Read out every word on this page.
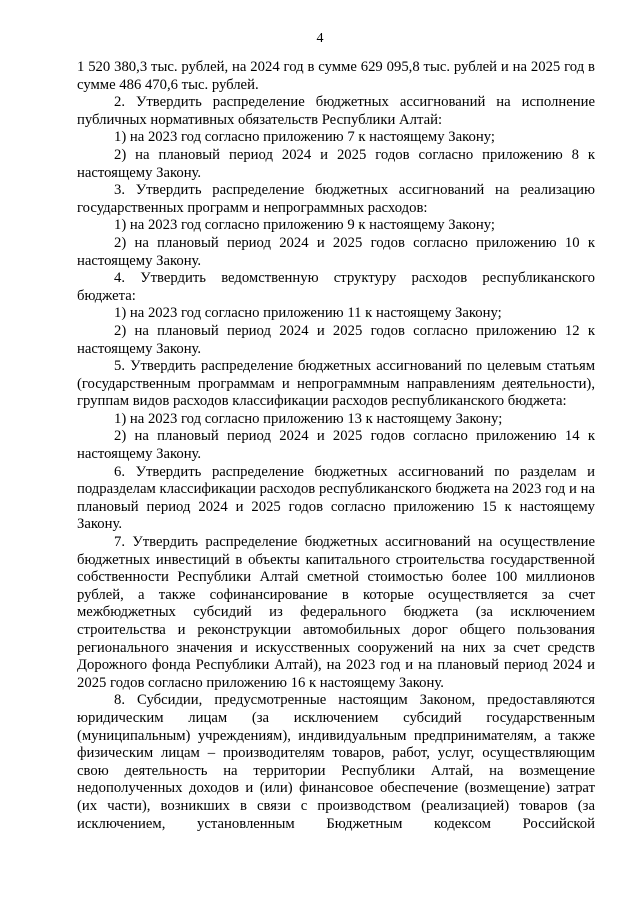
4

1 520 380,3 тыс. рублей, на 2024 год в сумме 629 095,8 тыс. рублей и на 2025 год в сумме 486 470,6 тыс. рублей.

2. Утвердить распределение бюджетных ассигнований на исполнение публичных нормативных обязательств Республики Алтай:

1) на 2023 год согласно приложению 7 к настоящему Закону;

2) на плановый период 2024 и 2025 годов согласно приложению 8 к настоящему Закону.

3. Утвердить распределение бюджетных ассигнований на реализацию государственных программ и непрограммных расходов:

1) на 2023 год согласно приложению 9 к настоящему Закону;

2) на плановый период 2024 и 2025 годов согласно приложению 10 к настоящему Закону.

4. Утвердить ведомственную структуру расходов республиканского бюджета:

1) на 2023 год согласно приложению 11 к настоящему Закону;

2) на плановый период 2024 и 2025 годов согласно приложению 12 к настоящему Закону.

5. Утвердить распределение бюджетных ассигнований по целевым статьям (государственным программам и непрограммным направлениям деятельности), группам видов расходов классификации расходов республиканского бюджета:

1) на 2023 год согласно приложению 13 к настоящему Закону;

2) на плановый период 2024 и 2025 годов согласно приложению 14 к настоящему Закону.

6. Утвердить распределение бюджетных ассигнований по разделам и подразделам классификации расходов республиканского бюджета на 2023 год и на плановый период 2024 и 2025 годов согласно приложению 15 к настоящему Закону.

7. Утвердить распределение бюджетных ассигнований на осуществление бюджетных инвестиций в объекты капитального строительства государственной собственности Республики Алтай сметной стоимостью более 100 миллионов рублей, а также софинансирование в которые осуществляется за счет межбюджетных субсидий из федерального бюджета (за исключением строительства и реконструкции автомобильных дорог общего пользования регионального значения и искусственных сооружений на них за счет средств Дорожного фонда Республики Алтай), на 2023 год и на плановый период 2024 и 2025 годов согласно приложению 16 к настоящему Закону.

8. Субсидии, предусмотренные настоящим Законом, предоставляются юридическим лицам (за исключением субсидий государственным (муниципальным) учреждениям), индивидуальным предпринимателям, а также физическим лицам – производителям товаров, работ, услуг, осуществляющим свою деятельность на территории Республики Алтай, на возмещение недополученных доходов и (или) финансовое обеспечение (возмещение) затрат (их части), возникших в связи с производством (реализацией) товаров (за исключением, установленным Бюджетным кодексом Российской
